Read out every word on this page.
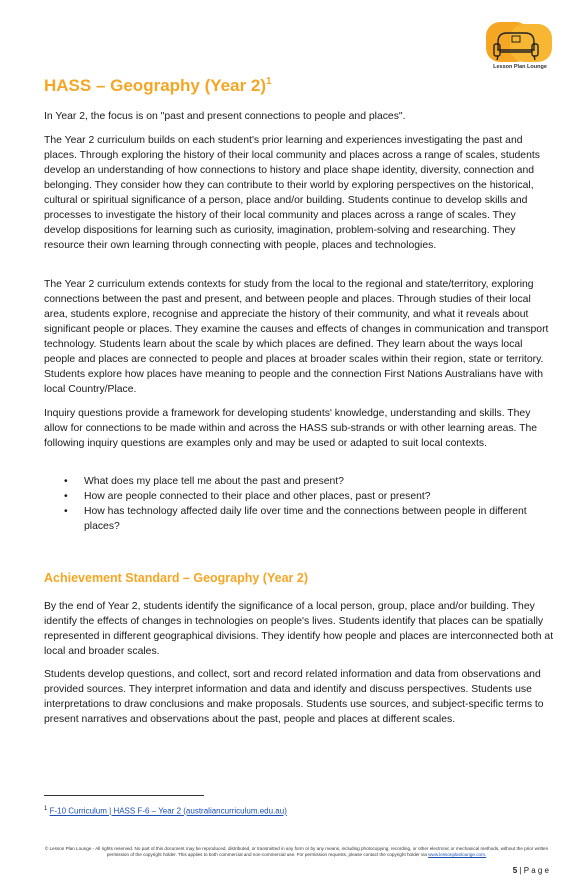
Lesson Plan Lounge
HASS – Geography (Year 2)$^1$

In Year 2, the focus is on "past and present connections to people and places".

The Year 2 curriculum builds on each student's prior learning and experiences investigating the past and places. Through exploring the history of their local community and places across a range of scales, students develop an understanding of how connections to history and place shape identity, diversity, connection and belonging. They consider how they can contribute to their world by exploring perspectives on the historical, cultural or spiritual significance of a person, place and/or building. Students continue to develop skills and processes to investigate the history of their local community and places across a range of scales. They develop dispositions for learning such as curiosity, imagination, problem-solving and researching. They resource their own learning through connecting with people, places and technologies.

The Year 2 curriculum extends contexts for study from the local to the regional and state/territory, exploring connections between the past and present, and between people and places. Through studies of their local area, students explore, recognise and appreciate the history of their community, and what it reveals about significant people or places. They examine the causes and effects of changes in communication and transport technology. Students learn about the scale by which places are defined. They learn about the ways local people and places are connected to people and places at broader scales within their region, state or territory. Students explore how places have meaning to people and the connection First Nations Australians have with local Country/Place.

Inquiry questions provide a framework for developing students' knowledge, understanding and skills. They allow for connections to be made within and across the HASS sub-strands or with other learning areas. The following inquiry questions are examples only and may be used or adapted to suit local contexts.

• What does my place tell me about the past and present?
• How are people connected to their place and other places, past or present?
• How has technology affected daily life over time and the connections between people in different places?
Achievement Standard – Geography (Year 2)

By the end of Year 2, students identify the significance of a local person, group, place and/or building. They identify the effects of changes in technologies on people's lives. Students identify that places can be spatially represented in different geographical divisions. They identify how people and places are interconnected both at local and broader scales.

Students develop questions, and collect, sort and record related information and data from observations and provided sources. They interpret information and data and identify and discuss perspectives. Students use interpretations to draw conclusions and make proposals. Students use sources, and subject-specific terms to present narratives and observations about the past, people and places at different scales.

$^1$ F-10 Curriculum | HASS F-6 – Year 2 (australiancurriculum.edu.au)
© Lesson Plan Lounge - All rights reserved. No part of this document may be reproduced, distributed, or transmitted in any form or by any means, including photocopying, recording, or other electronic or mechanical methods, without the prior written permission of the copyright holder. This applies to both commercial and non-commercial use. For permission requests, please contact the copyright holder via www.lessonplanlounge.com.
5 | P a g e
